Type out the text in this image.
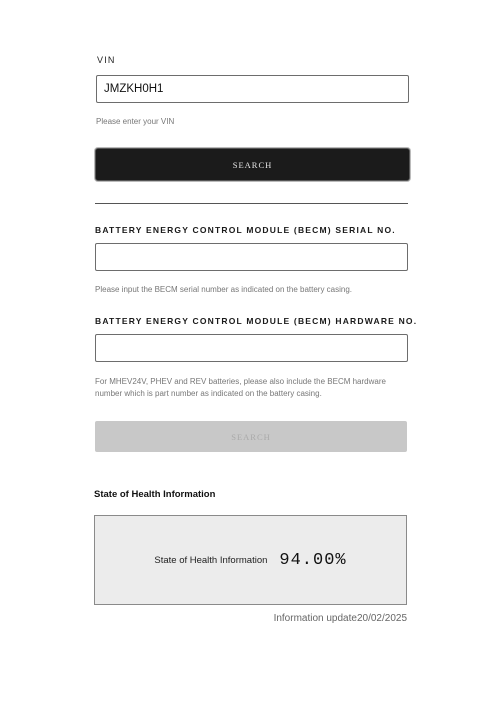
VIN
JMZKH0H1
Please enter your VIN
SEARCH
BATTERY ENERGY CONTROL MODULE (BECM) SERIAL NO.
Please input the BECM serial number as indicated on the battery casing.
BATTERY ENERGY CONTROL MODULE (BECM) HARDWARE NO.
For MHEV24V, PHEV and REV batteries, please also include the BECM hardware
number which is part number as indicated on the battery casing.
SEARCH
State of Health Information
State of Health Information 94.00%
Information update20/02/2025
